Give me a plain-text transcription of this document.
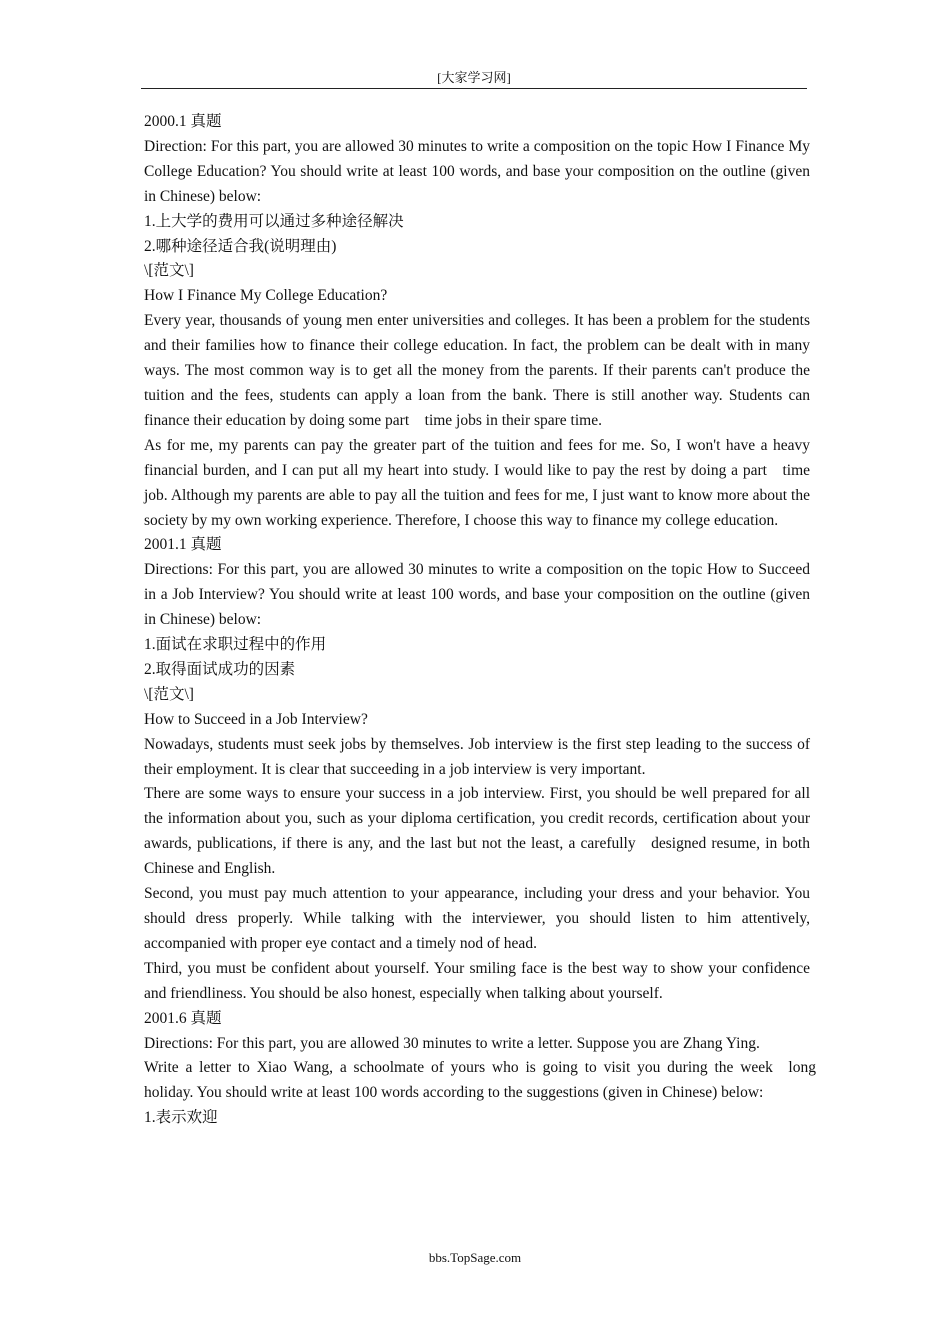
[大家学习网]

2000.1 真题

Direction: For this part, you are allowed 30 minutes to write a composition on the topic How I Finance My College Education? You should write at least 100 words, and base your composition on the outline (given in Chinese) below:

1.上大学的费用可以通过多种途径解决

2.哪种途径适合我(说明理由)

\[范文\]

How I Finance My College Education?

Every year, thousands of young men enter universities and colleges. It has been a problem for the students and their families how to finance their college education. In fact, the problem can be dealt with in many ways. The most common way is to get all the money from the parents. If their parents can't produce the tuition and the fees, students can apply a loan from the bank. There is still another way. Students can finance their education by doing some part time jobs in their spare time.

As for me, my parents can pay the greater part of the tuition and fees for me. So, I won't have a heavy financial burden, and I can put all my heart into study. I would like to pay the rest by doing a part time job. Although my parents are able to pay all the tuition and fees for me, I just want to know more about the society by my own working experience. Therefore, I choose this way to finance my college education.

2001.1 真题

Directions: For this part, you are allowed 30 minutes to write a composition on the topic How to Succeed in a Job Interview? You should write at least 100 words, and base your composition on the outline (given in Chinese) below:

1.面试在求职过程中的作用

2.取得面试成功的因素

\[范文\]

How to Succeed in a Job Interview?

Nowadays, students must seek jobs by themselves. Job interview is the first step leading to the success of their employment. It is clear that succeeding in a job interview is very important.

There are some ways to ensure your success in a job interview. First, you should be well prepared for all the information about you, such as your diploma certification, you credit records, certification about your awards, publications, if there is any, and the last but not the least, a carefully designed resume, in both Chinese and English.

Second, you must pay much attention to your appearance, including your dress and your behavior. You should dress properly. While talking with the interviewer, you should listen to him attentively, accompanied with proper eye contact and a timely nod of head.

Third, you must be confident about yourself. Your smiling face is the best way to show your confidence and friendliness. You should be also honest, especially when talking about yourself.

2001.6 真题

Directions: For this part, you are allowed 30 minutes to write a letter. Suppose you are Zhang Ying.

Write a letter to Xiao Wang, a schoolmate of yours who is going to visit you during the week long holiday. You should write at least 100 words according to the suggestions (given in Chinese) below:

1.表示欢迎

bbs.TopSage.com
